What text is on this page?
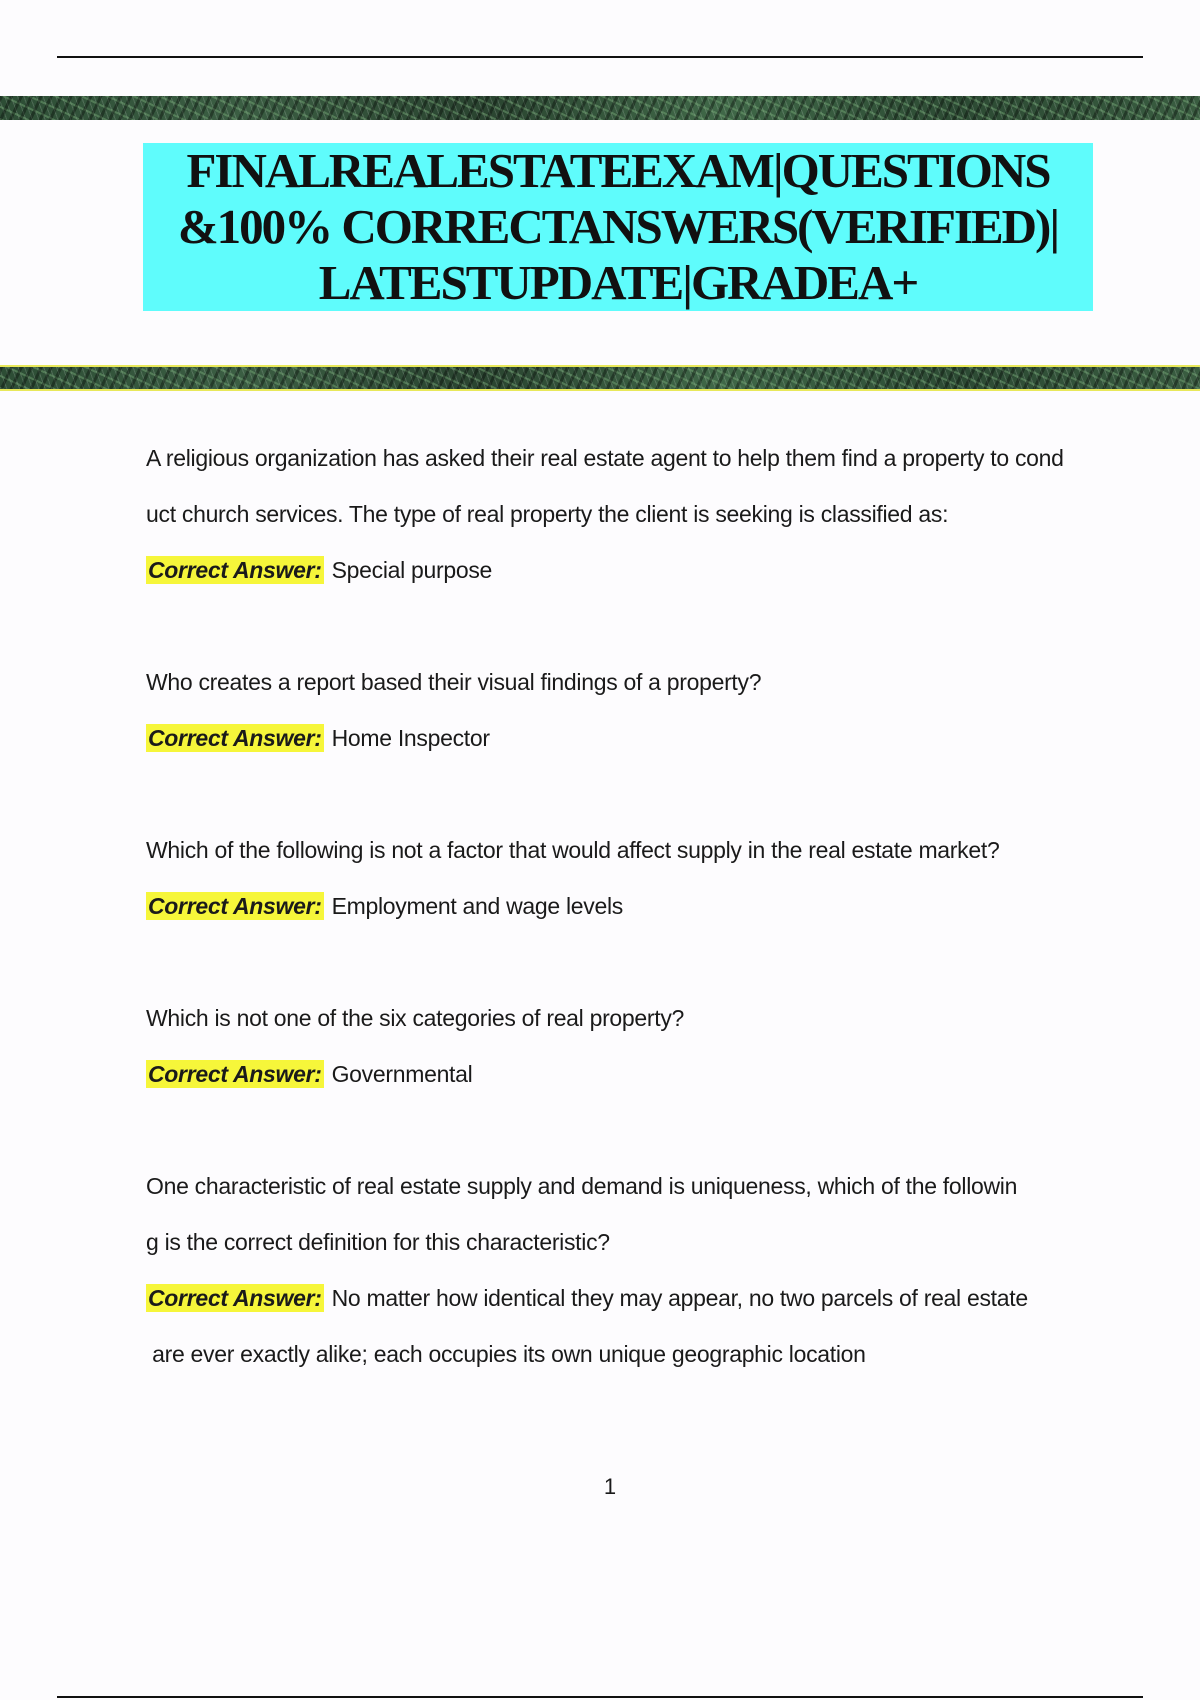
FINALREALESTATEEXAM|QUESTIONS &100% CORRECTANSWERS(VERIFIED)| LATESTUPDATE|GRADEA+

A religious organization has asked their real estate agent to help them find a property to cond

uct church services. The type of real property the client is seeking is classified as:

Correct Answer: Special purpose

Who creates a report based their visual findings of a property?

Correct Answer: Home Inspector

Which of the following is not a factor that would affect supply in the real estate market?

Correct Answer: Employment and wage levels

Which is not one of the six categories of real property?

Correct Answer: Governmental

One characteristic of real estate supply and demand is uniqueness, which of the followin

g is the correct definition for this characteristic?

Correct Answer: No matter how identical they may appear, no two parcels of real estate

are ever exactly alike; each occupies its own unique geographic location

1
